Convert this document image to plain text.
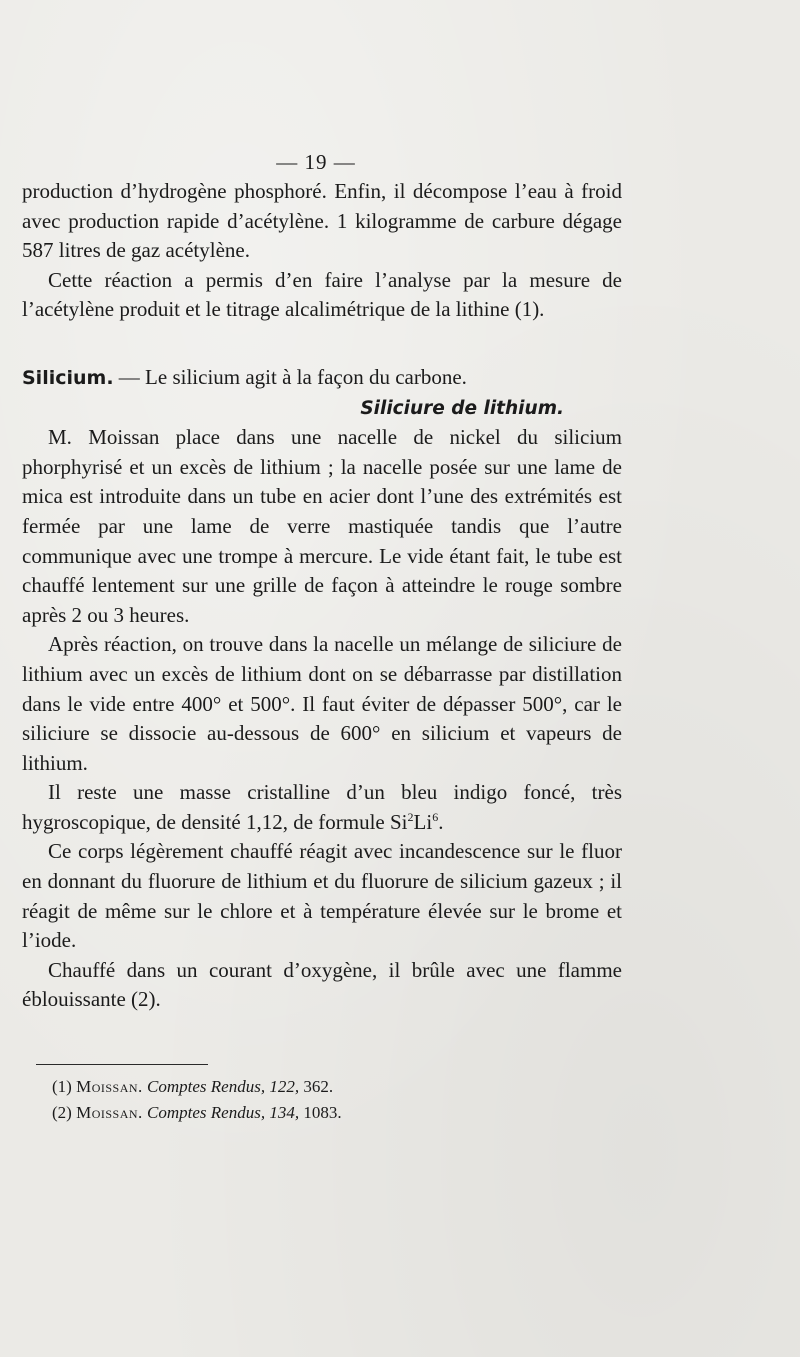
— 19 —

production d’hydrogène phosphoré. Enfin, il décompose l’eau à froid avec production rapide d’acétylène. 1 kilogramme de carbure dégage 587 litres de gaz acétylène.

Cette réaction a permis d’en faire l’analyse par la mesure de l’acétylène produit et le titrage alcalimétrique de la lithine (1).

Silicium. — Le silicium agit à la façon du carbone.

Siliciure de lithium.

M. Moissan place dans une nacelle de nickel du silicium phorphyrisé et un excès de lithium ; la nacelle posée sur une lame de mica est introduite dans un tube en acier dont l’une des extrémités est fermée par une lame de verre mastiquée tandis que l’autre communique avec une trompe à mercure. Le vide étant fait, le tube est chauffé lentement sur une grille de façon à atteindre le rouge sombre après 2 ou 3 heures.

Après réaction, on trouve dans la nacelle un mélange de siliciure de lithium avec un excès de lithium dont on se débarrasse par distillation dans le vide entre 400° et 500°. Il faut éviter de dépasser 500°, car le siliciure se dissocie au-dessous de 600° en silicium et vapeurs de lithium.

Il reste une masse cristalline d’un bleu indigo foncé, très hygroscopique, de densité 1,12, de formule Si$^2$Li$^6$.

Ce corps légèrement chauffé réagit avec incandescence sur le fluor en donnant du fluorure de lithium et du fluorure de silicium gazeux ; il réagit de même sur le chlore et à température élevée sur le brome et l’iode.

Chauffé dans un courant d’oxygène, il brûle avec une flamme éblouissante (2).

(1) Moissan. Comptes Rendus, 122, 362.

(2) Moissan. Comptes Rendus, 134, 1083.
